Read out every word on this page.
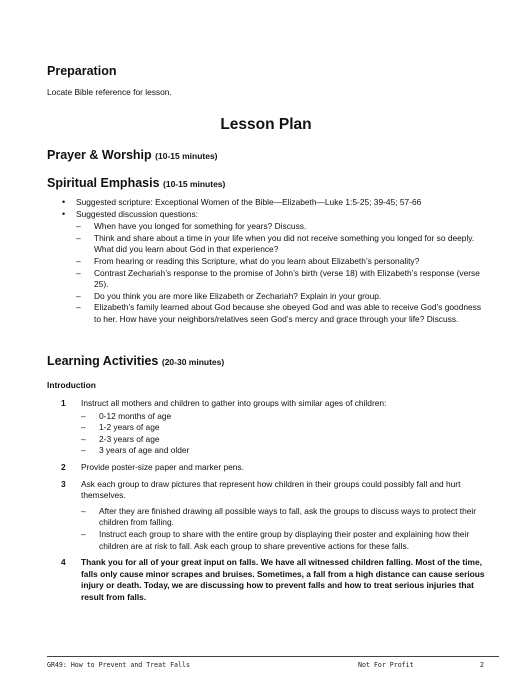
Preparation
Locate Bible reference for lesson.
Lesson Plan
Prayer & Worship (10-15 minutes)
Spiritual Emphasis (10-15 minutes)
• Suggested scripture: Exceptional Women of the Bible—Elizabeth—Luke 1:5-25; 39-45; 57-66
• Suggested discussion questions:
– When have you longed for something for years? Discuss.
– Think and share about a time in your life when you did not receive something you longed for so deeply. What did you learn about God in that experience?
– From hearing or reading this Scripture, what do you learn about Elizabeth’s personality?
– Contrast Zechariah’s response to the promise of John’s birth (verse 18) with Elizabeth’s response (verse 25).
– Do you think you are more like Elizabeth or Zechariah? Explain in your group.
– Elizabeth’s family learned about God because she obeyed God and was able to receive God’s goodness to her. How have your neighbors/relatives seen God’s mercy and grace through your life? Discuss.
Learning Activities (20-30 minutes)
Introduction
1 Instruct all mothers and children to gather into groups with similar ages of children:
– 0-12 months of age
– 1-2 years of age
– 2-3 years of age
– 3 years of age and older
2 Provide poster-size paper and marker pens.
3 Ask each group to draw pictures that represent how children in their groups could possibly fall and hurt themselves.
– After they are finished drawing all possible ways to fall, ask the groups to discuss ways to protect their children from falling.
– Instruct each group to share with the entire group by displaying their poster and explaining how their children are at risk to fall. Ask each group to share preventive actions for these falls.
4 Thank you for all of your great input on falls. We have all witnessed children falling. Most of the time, falls only cause minor scrapes and bruises. Sometimes, a fall from a high distance can cause serious injury or death. Today, we are discussing how to prevent falls and how to treat serious injuries that result from falls.
GR49: How to Prevent and Treat Falls	Not For Profit	2
